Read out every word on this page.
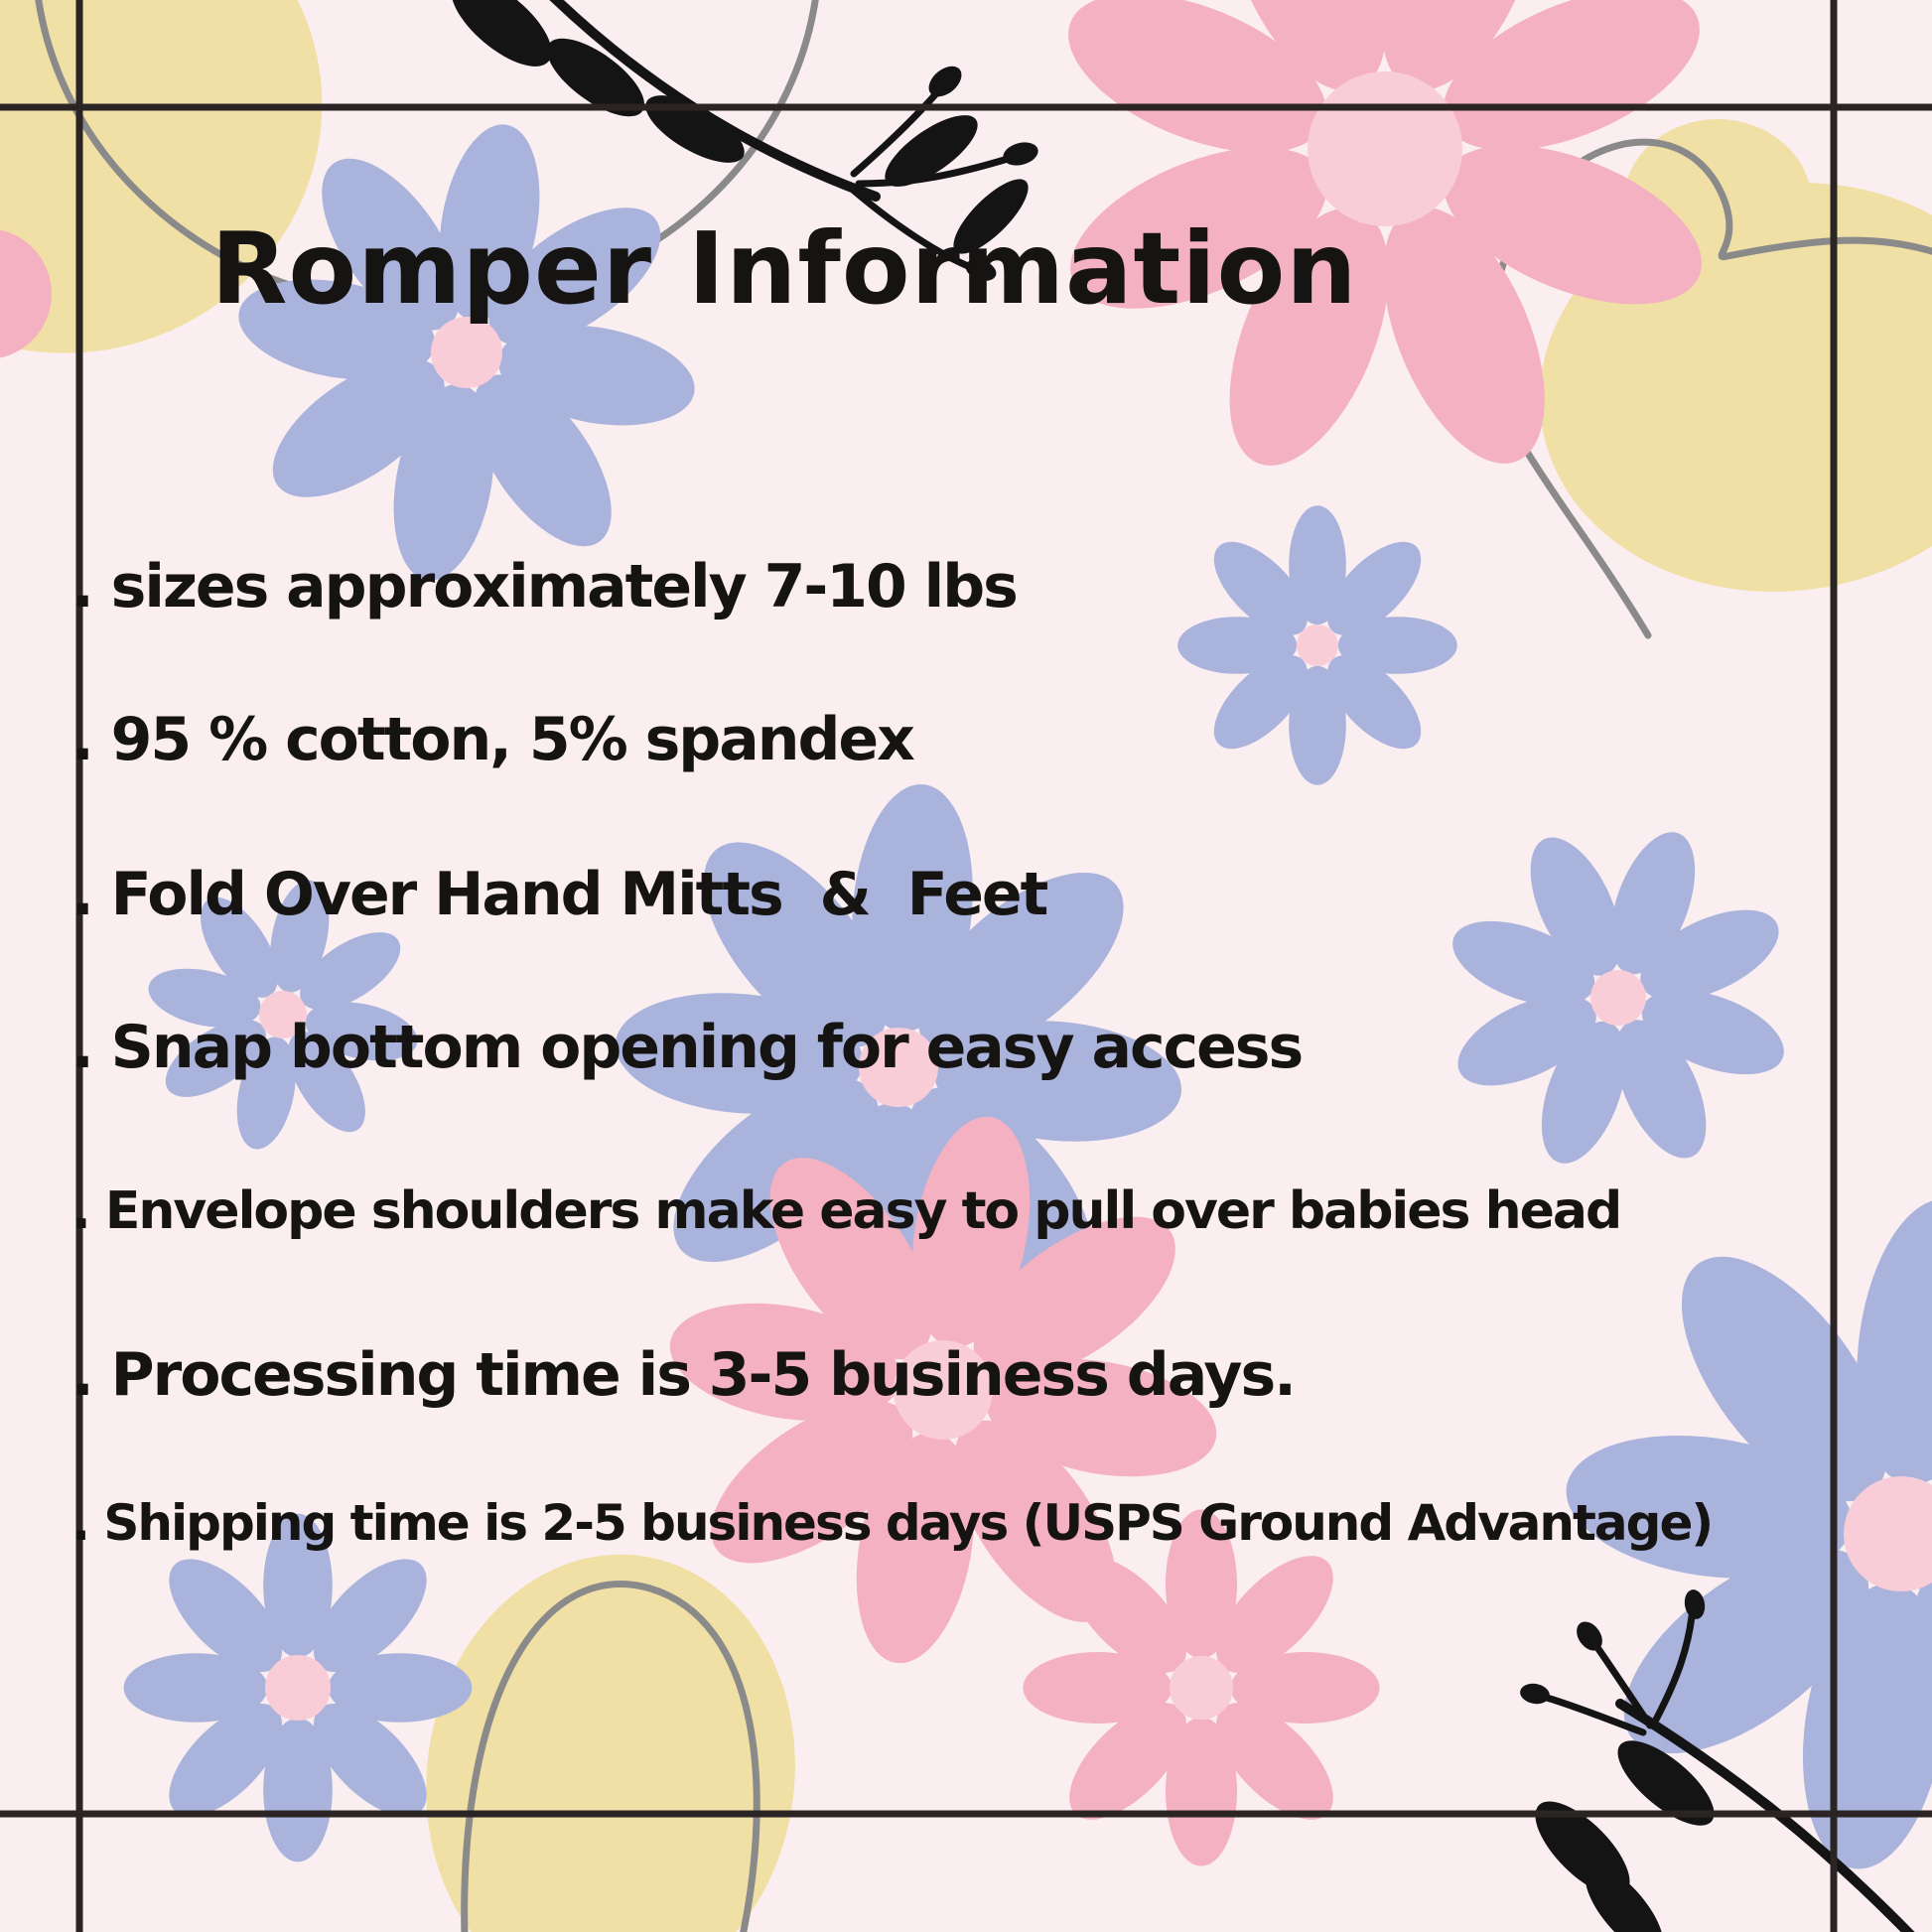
Romper Information
. sizes approximately 7-10 lbs
. 95 % cotton, 5% spandex
. Fold Over Hand Mitts  &  Feet
. Snap bottom opening for easy access
. Envelope shoulders make easy to pull over babies head
. Processing time is 3-5 business days.
. Shipping time is 2-5 business days (USPS Ground Advantage)
